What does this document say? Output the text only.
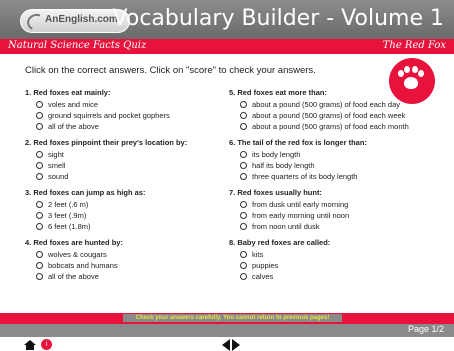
AnEnglish.com
Vocabulary Builder - Volume 1
Natural Science Facts Quiz	The Red Fox
Click on the correct answers. Click on "score" to check your answers.
1. Red foxes eat mainly:
voles and mice
ground squirrels and pocket gophers
all of the above
2. Red foxes pinpoint their prey's location by:
sight
smell
sound
3. Red foxes can jump as high as:
2 feet (.6 m)
3 feet (.9m)
6 feet (1.8m)
4. Red foxes are hunted by:
wolves & cougars
bobcats and humans
all of the above
5. Red foxes eat more than:
about a pound (500 grams) of food each day
about a pound (500 grams) of food each week
about a pound (500 grams) of food each month
6. The tail of the red fox is longer than:
its body length
half its body length
three quarters of its body length
7. Red foxes usually hunt:
from dusk until early morning
from early morning until noon
from noon until dusk
8. Baby red foxes are called:
kits
puppies
calves
Check your answers carefully. You cannot return to previous pages!
Page 1/2
i
